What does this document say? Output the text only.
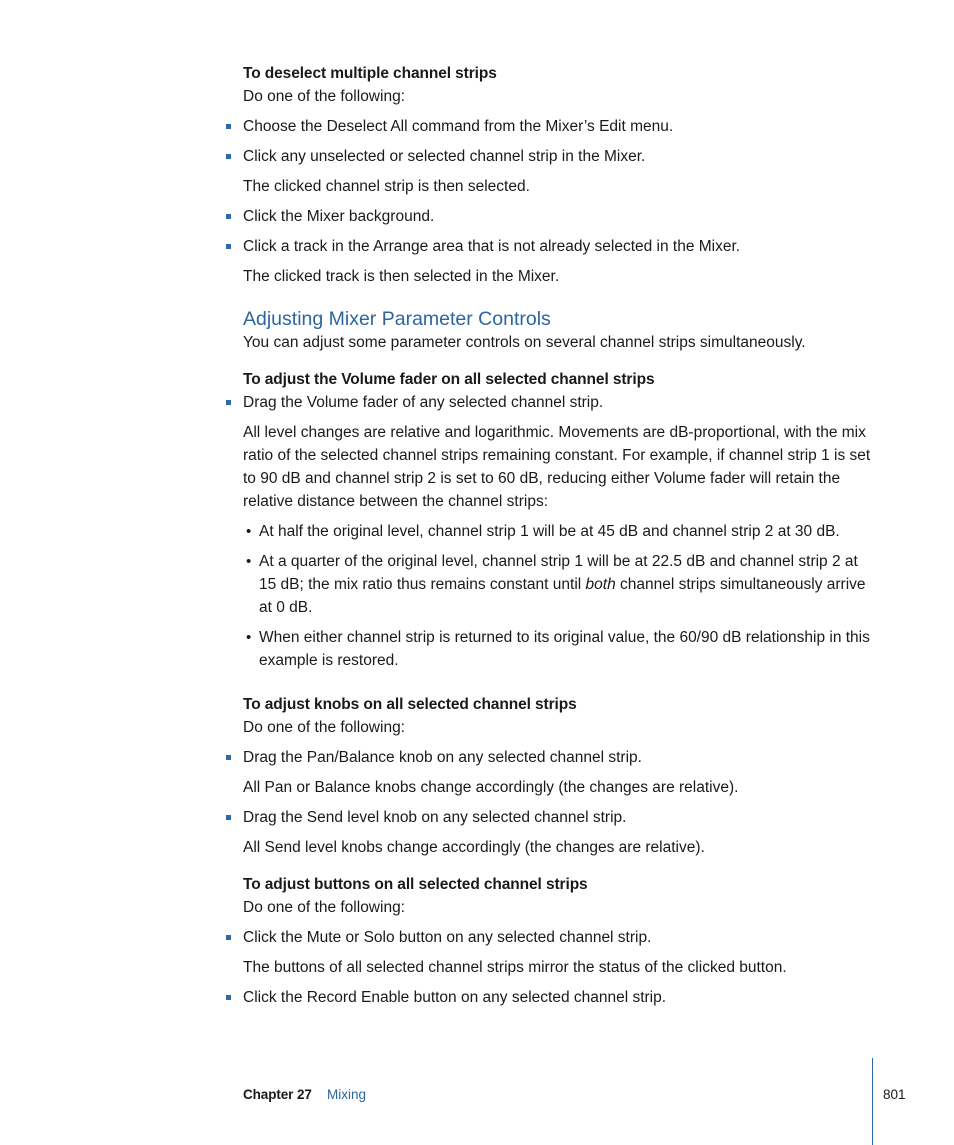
To deselect multiple channel strips

Do one of the following:

Choose the Deselect All command from the Mixer’s Edit menu.

Click any unselected or selected channel strip in the Mixer.

The clicked channel strip is then selected.

Click the Mixer background.

Click a track in the Arrange area that is not already selected in the Mixer.

The clicked track is then selected in the Mixer.

Adjusting Mixer Parameter Controls

You can adjust some parameter controls on several channel strips simultaneously.

To adjust the Volume fader on all selected channel strips

Drag the Volume fader of any selected channel strip.

All level changes are relative and logarithmic. Movements are dB-proportional, with the mix ratio of the selected channel strips remaining constant. For example, if channel strip 1 is set to 90 dB and channel strip 2 is set to 60 dB, reducing either Volume fader will retain the relative distance between the channel strips:

• At half the original level, channel strip 1 will be at 45 dB and channel strip 2 at 30 dB.

• At a quarter of the original level, channel strip 1 will be at 22.5 dB and channel strip 2 at 15 dB; the mix ratio thus remains constant until both channel strips simultaneously arrive at 0 dB.

• When either channel strip is returned to its original value, the 60/90 dB relationship in this example is restored.

To adjust knobs on all selected channel strips

Do one of the following:

Drag the Pan/Balance knob on any selected channel strip.

All Pan or Balance knobs change accordingly (the changes are relative).

Drag the Send level knob on any selected channel strip.

All Send level knobs change accordingly (the changes are relative).

To adjust buttons on all selected channel strips

Do one of the following:

Click the Mute or Solo button on any selected channel strip.

The buttons of all selected channel strips mirror the status of the clicked button.

Click the Record Enable button on any selected channel strip.

Chapter 27 Mixing	801
